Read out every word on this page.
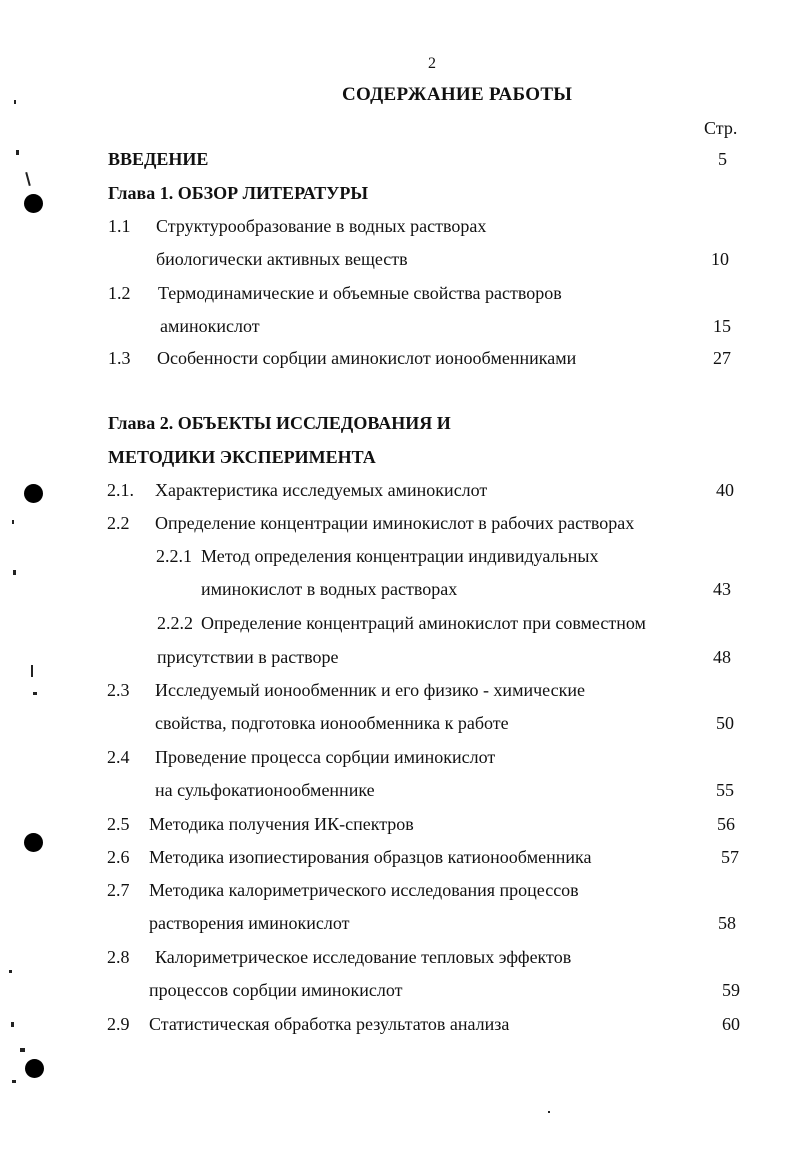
2
СОДЕРЖАНИЕ РАБОТЫ
Стр.
ВВЕДЕНИЕ	5
Глава 1. ОБЗОР ЛИТЕРАТУРЫ
1.1 Структурообразование в водных растворах
биологически активных веществ	10
1.2 Термодинамические и объемные свойства растворов
аминокислот	15
1.3 Особенности сорбции аминокислот ионообменниками	27
Глава 2. ОБЪЕКТЫ ИССЛЕДОВАНИЯ И
МЕТОДИКИ ЭКСПЕРИМЕНТА
2.1. Характеристика исследуемых аминокислот	40
2.2 Определение концентрации иминокислот в рабочих растворах
2.2.1 Метод определения концентрации индивидуальных
иминокислот в водных растворах	43
2.2.2 Определение концентраций аминокислот при совместном
присутствии в растворе	48
2.3 Исследуемый ионообменник и его физико - химические
свойства, подготовка ионообменника к работе	50
2.4 Проведение процесса сорбции иминокислот
на сульфокатионообменнике	55
2.5 Методика получения ИК-спектров	56
2.6 Методика изопиестирования образцов катионообменника	57
2.7 Методика калориметрического исследования процессов
растворения иминокислот	58
2.8 Калориметрическое исследование тепловых эффектов
процессов сорбции иминокислот	59
2.9 Статистическая обработка результатов анализа	60
